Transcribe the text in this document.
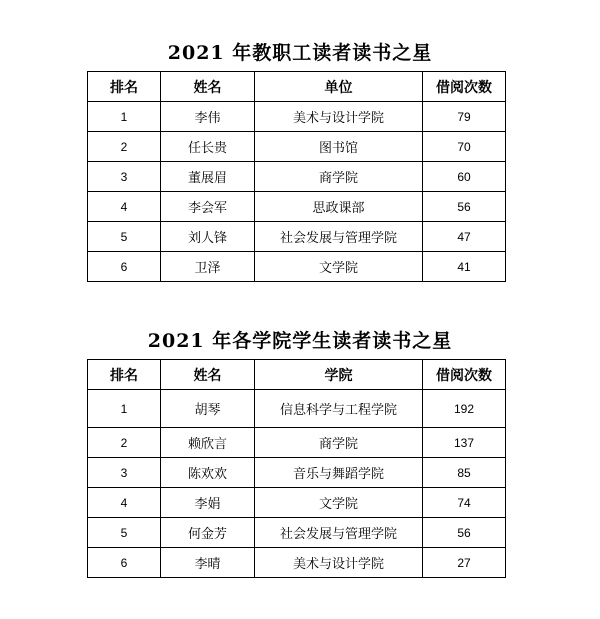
2021 年教职工读者读书之星
排名	姓名	单位	借阅次数
1	李伟	美术与设计学院	79
2	任长贵	图书馆	70
3	董展眉	商学院	60
4	李会军	思政课部	56
5	刘人锋	社会发展与管理学院	47
6	卫泽	文学院	41
2021 年各学院学生读者读书之星
排名	姓名	学院	借阅次数
1	胡琴	信息科学与工程学院	192
2	赖欣言	商学院	137
3	陈欢欢	音乐与舞蹈学院	85
4	李娟	文学院	74
5	何金芳	社会发展与管理学院	56
6	李晴	美术与设计学院	27
